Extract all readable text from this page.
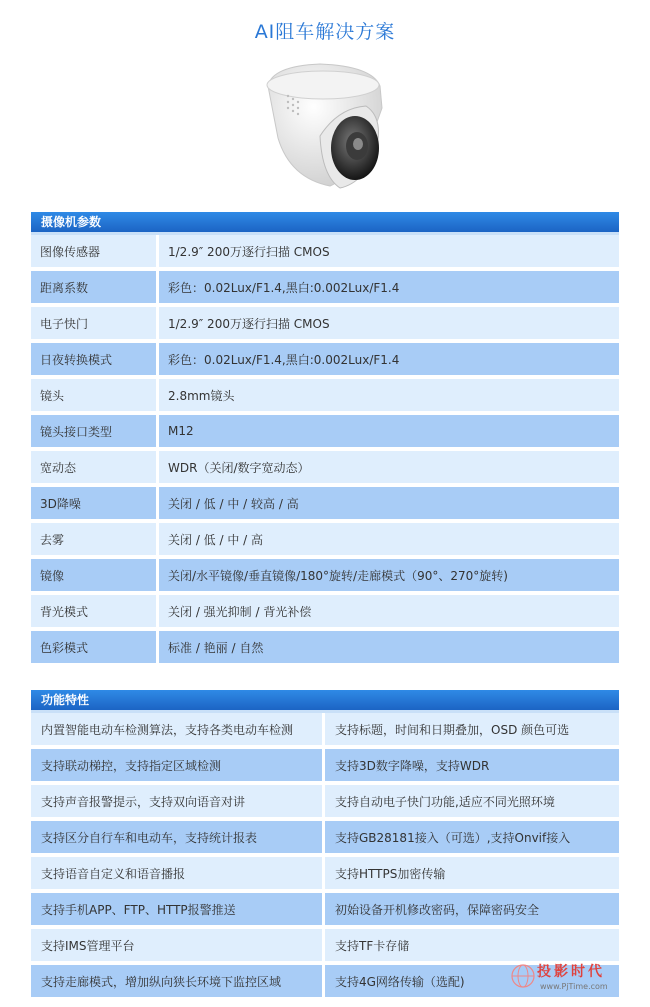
AI阻车解决方案
摄像机参数
图像传感器	1/2.9″ 200万逐行扫描 CMOS
距离系数	彩色：0.02Lux/F1.4,黑白:0.002Lux/F1.4
电子快门	1/2.9″ 200万逐行扫描 CMOS
日夜转换模式	彩色：0.02Lux/F1.4,黑白:0.002Lux/F1.4
镜头	2.8mm镜头
镜头接口类型	M12
宽动态	WDR（关闭/数字宽动态）
3D降噪	关闭 / 低 / 中 / 较高 / 高
去雾	关闭 / 低 / 中 / 高
镜像	关闭/水平镜像/垂直镜像/180°旋转/走廊模式（90°、270°旋转)
背光模式	关闭 / 强光抑制 / 背光补偿
色彩模式	标准 / 艳丽 / 自然
功能特性
内置智能电动车检测算法，支持各类电动车检测	支持标题，时间和日期叠加，OSD 颜色可选
支持联动梯控，支持指定区域检测	支持3D数字降噪，支持WDR
支持声音报警提示，支持双向语音对讲	支持自动电子快门功能,适应不同光照环境
支持区分自行车和电动车，支持统计报表	支持GB28181接入（可选）,支持Onvif接入
支持语音自定义和语音播报	支持HTTPS加密传输
支持手机APP、FTP、HTTP报警推送	初始设备开机修改密码，保障密码安全
支持IMS管理平台	支持TF卡存储
支持走廊模式，增加纵向狭长环境下监控区域	支持4G网络传输（选配)
投影时代
www.PjTime.com
